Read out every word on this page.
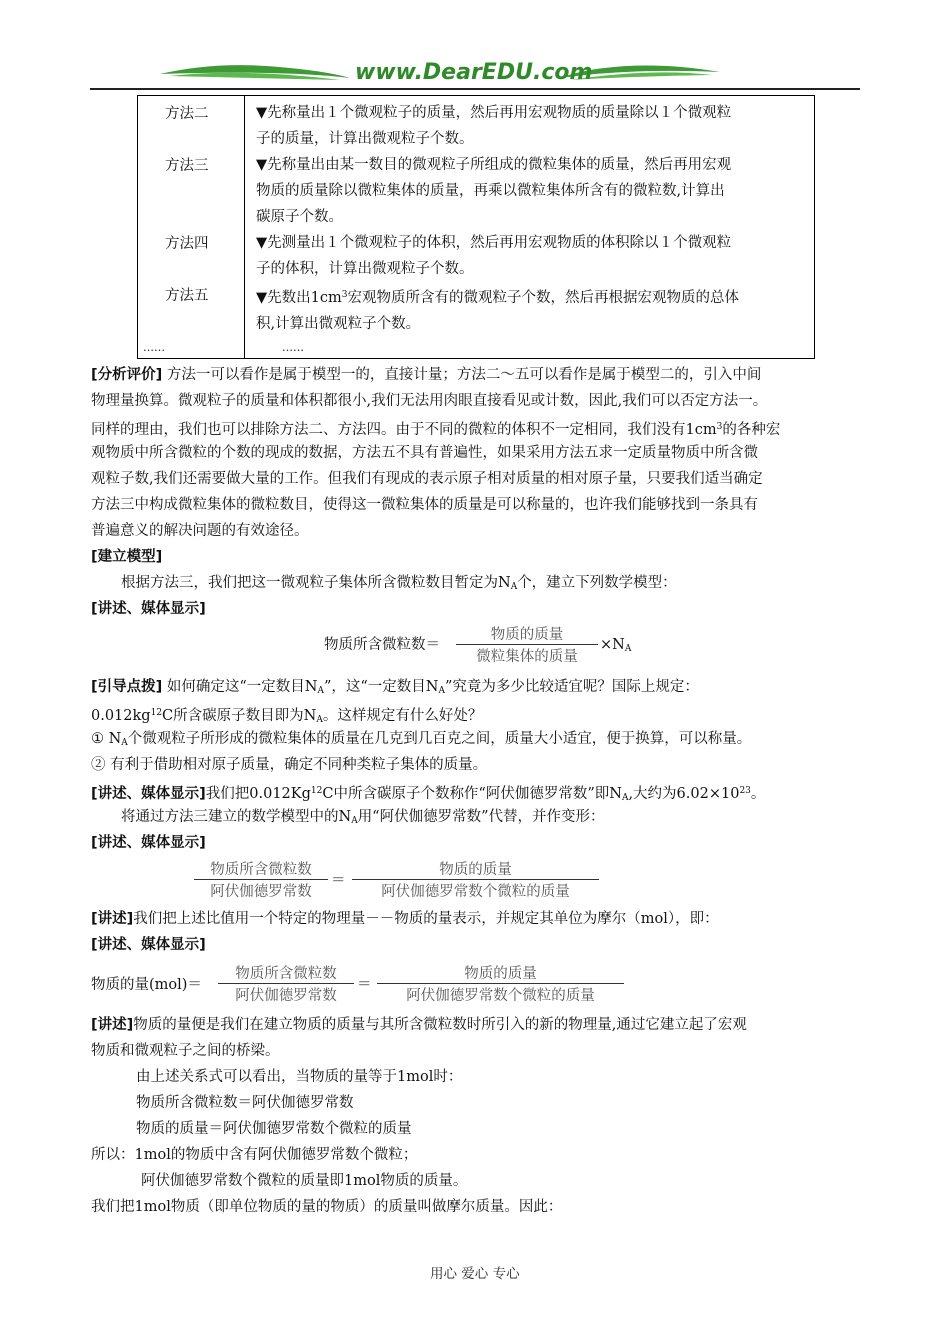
www.DearEDU.com
方法二	▼先称量出１个微观粒子的质量，然后再用宏观物质的质量除以１个微观粒
子的质量，计算出微观粒子个数。
方法三	▼先称量出由某一数目的微观粒子所组成的微粒集体的质量，然后再用宏观
物质的质量除以微粒集体的质量，再乘以微粒集体所含有的微粒数,计算出
碳原子个数。
方法四	▼先测量出１个微观粒子的体积，然后再用宏观物质的体积除以１个微观粒
子的体积，计算出微观粒子个数。
方法五	▼先数出$1cm^3$宏观物质所含有的微观粒子个数，然后再根据宏观物质的总体
积,计算出微观粒子个数。
……	……
[分析评价] 方法一可以看作是属于模型一的，直接计量；方法二～五可以看作是属于模型二的，引入中间
物理量换算。微观粒子的质量和体积都很小,我们无法用肉眼直接看见或计数，因此,我们可以否定方法一。
同样的理由，我们也可以排除方法二、方法四。由于不同的微粒的体积不一定相同，我们没有$1cm^3$的各种宏
观物质中所含微粒的个数的现成的数据，方法五不具有普遍性，如果采用方法五求一定质量物质中所含微
观粒子数,我们还需要做大量的工作。但我们有现成的表示原子相对质量的相对原子量，只要我们适当确定
方法三中构成微粒集体的微粒数目，使得这一微粒集体的质量是可以称量的，也许我们能够找到一条具有
普遍意义的解决问题的有效途径。
[建立模型]
根据方法三，我们把这一微观粒子集体所含微粒数目暂定为$N_A$个，建立下列数学模型：
[讲述、媒体显示]
物质所含微粒数＝
物质的质量
微粒集体的质量
$\times N_A$
[引导点拨] 如何确定这“一定数目$N_A$”，这“一定数目$N_A$”究竟为多少比较适宜呢？国际上规定：
$0.012kg^{12}C$所含碳原子数目即为$N_A$。这样规定有什么好处？
① $N_A$个微观粒子所形成的微粒集体的质量在几克到几百克之间，质量大小适宜，便于换算，可以称量。
② 有利于借助相对原子质量，确定不同种类粒子集体的质量。
[讲述、媒体显示]我们把0.012Kg$^{12}$C中所含碳原子个数称作“阿伏伽德罗常数”即$N_A$,大约为$6.02\times 10^{23}$。
将通过方法三建立的数学模型中的$N_A$用“阿伏伽德罗常数”代替，并作变形：
[讲述、媒体显示]
物质所含微粒数
阿伏伽德罗常数
＝
物质的质量
阿伏伽德罗常数个微粒的质量
[讲述]我们把上述比值用一个特定的物理量－－物质的量表示，并规定其单位为摩尔（mol），即：
[讲述、媒体显示]
物质的量(mol)＝
物质所含微粒数
阿伏伽德罗常数
＝
物质的质量
阿伏伽德罗常数个微粒的质量
[讲述]物质的量便是我们在建立物质的质量与其所含微粒数时所引入的新的物理量,通过它建立起了宏观
物质和微观粒子之间的桥梁。
由上述关系式可以看出，当物质的量等于1mol时：
物质所含微粒数＝阿伏伽德罗常数
物质的质量＝阿伏伽德罗常数个微粒的质量
所以：1mol的物质中含有阿伏伽德罗常数个微粒；
阿伏伽德罗常数个微粒的质量即1mol物质的质量。
我们把1mol物质（即单位物质的量的物质）的质量叫做摩尔质量。因此：
用心 爱心 专心
